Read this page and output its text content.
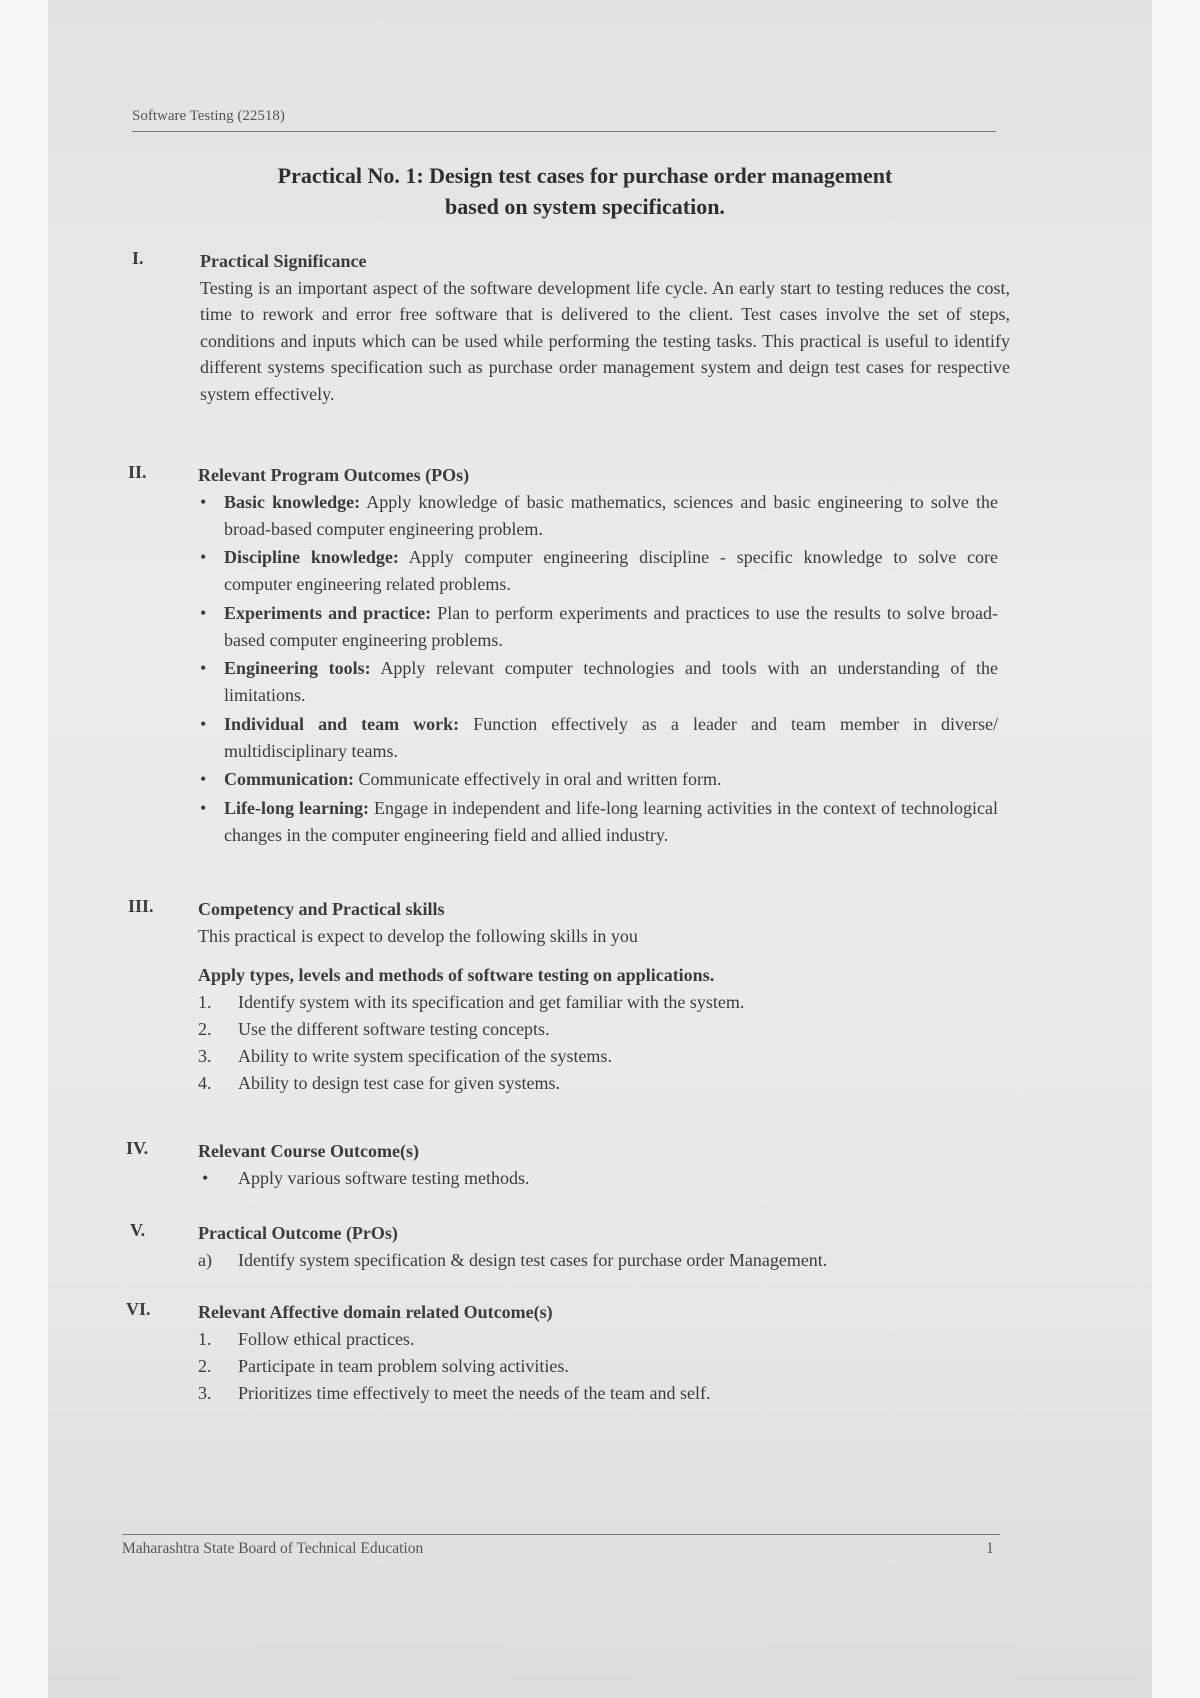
Software Testing (22518)
Practical No. 1: Design test cases for purchase order management
based on system specification.
I.	Practical Significance

Testing is an important aspect of the software development life cycle. An early start to testing reduces the cost, time to rework and error free software that is delivered to the client. Test cases involve the set of steps, conditions and inputs which can be used while performing the testing tasks. This practical is useful to identify different systems specification such as purchase order management system and deign test cases for respective system effectively.

II.	Relevant Program Outcomes (POs)
• Basic knowledge: Apply knowledge of basic mathematics, sciences and basic engineering to solve the broad-based computer engineering problem.
• Discipline knowledge: Apply computer engineering discipline - specific knowledge to solve core computer engineering related problems.
• Experiments and practice: Plan to perform experiments and practices to use the results to solve broad-based computer engineering problems.
• Engineering tools: Apply relevant computer technologies and tools with an understanding of the limitations.
• Individual and team work: Function effectively as a leader and team member in diverse/ multidisciplinary teams.
• Communication: Communicate effectively in oral and written form.
• Life-long learning: Engage in independent and life-long learning activities in the context of technological changes in the computer engineering field and allied industry.
III.	Competency and Practical skills
This practical is expect to develop the following skills in you
Apply types, levels and methods of software testing on applications.
1. Identify system with its specification and get familiar with the system.
2. Use the different software testing concepts.
3. Ability to write system specification of the systems.
4. Ability to design test case for given systems.
IV.	Relevant Course Outcome(s)
• Apply various software testing methods.
V.	Practical Outcome (PrOs)
a) Identify system specification & design test cases for purchase order Management.
VI.	Relevant Affective domain related Outcome(s)
1. Follow ethical practices.
2. Participate in team problem solving activities.
3. Prioritizes time effectively to meet the needs of the team and self.
Maharashtra State Board of Technical Education	1
